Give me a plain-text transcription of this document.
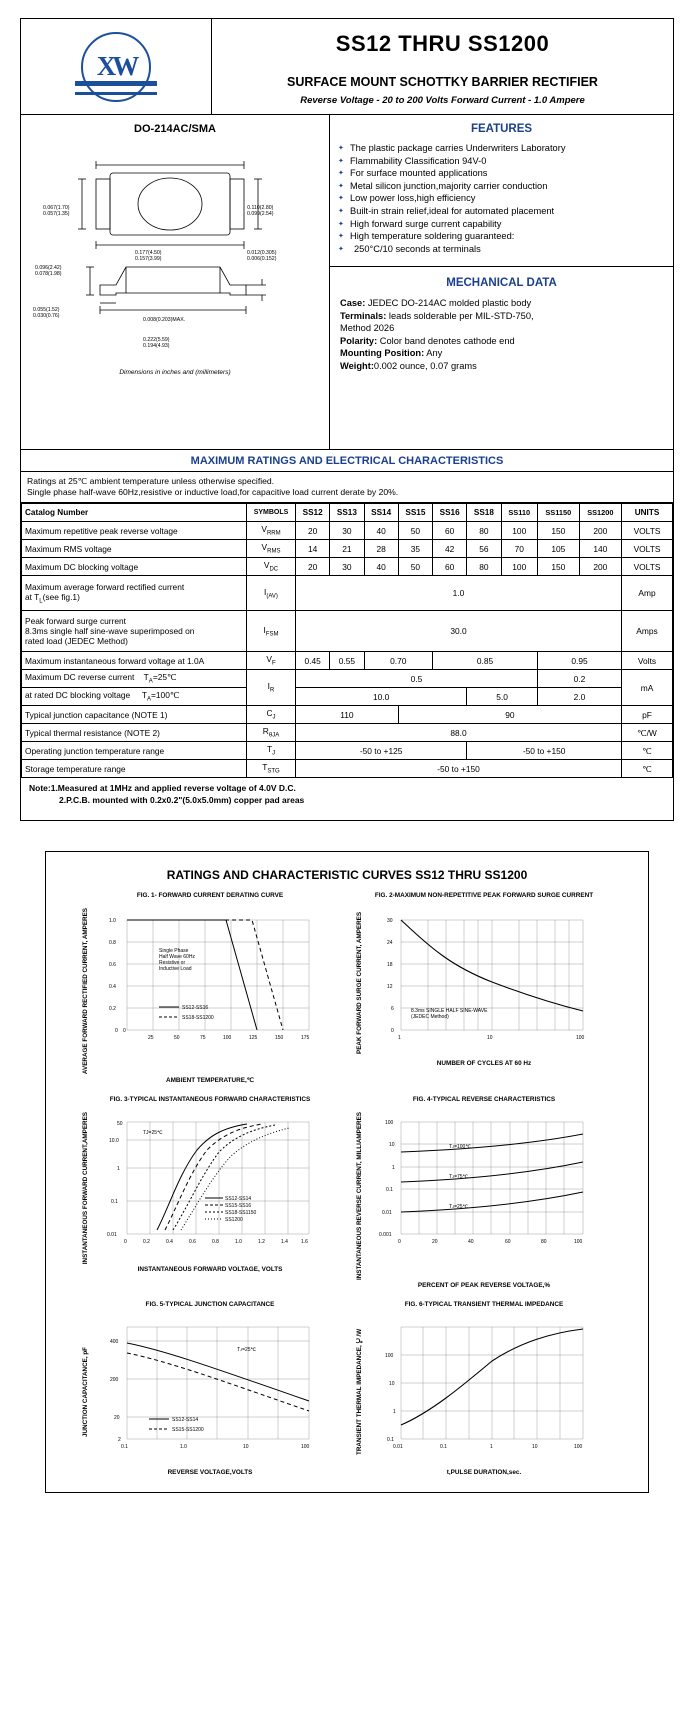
XW
SS12 THRU SS1200
SURFACE MOUNT SCHOTTKY BARRIER RECTIFIER
Reverse Voltage - 20 to 200 Volts Forward Current - 1.0 Ampere
DO-214AC/SMA
0.067(1.70)
0.057(1.35)
0.110(2.80)
0.099(2.54)
0.177(4.50)
0.157(3.99)
0.012(0.305)
0.006(0.152)
0.096(2.42)
0.078(1.98)
0.055(1.52)
0.030(0.76)
0.008(0.203)MAX.
0.222(5.59)
0.194(4.93)
Dimensions in inches and (millimeters)
FEATURES
✦ The plastic package carries Underwriters Laboratory
✦ Flammability Classification 94V-0
✦ For surface mounted applications
✦ Metal silicon junction,majority carrier conduction
✦ Low power loss,high efficiency
✦ Built-in strain relief,ideal for automated placement
✦ High forward surge current capability
✦ High temperature soldering guaranteed:
✦ 250°C/10 seconds at terminals
MECHANICAL DATA

Case: JEDEC DO-214AC molded plastic body

Terminals: leads solderable per MIL-STD-750,

Method 2026

Polarity: Color band denotes cathode end

Mounting Position: Any

Weight:0.002 ounce, 0.07 grams

MAXIMUM RATINGS AND ELECTRICAL CHARACTERISTICS
Ratings at 25℃ ambient temperature unless otherwise specified.
Single phase half-wave 60Hz,resistive or inductive load,for capacitive load current derate by 20%.
Catalog Number	SYMBOLS	SS12	SS13	SS14	SS15	SS16	SS18	SS110	SS1150	SS1200	UNITS
Maximum repetitive peak reverse voltage	$V_{RRM}$	20	30	40	50	60	80	100	150	200	VOLTS
Maximum RMS voltage	$V_{RMS}$	14	21	28	35	42	56	70	105	140	VOLTS
Maximum DC blocking voltage	$V_{DC}$	20	30	40	50	60	80	100	150	200	VOLTS

Maximum average forward rectified current
at $T_L(see$ fig.1)	$I_{(AV)}$	1.0									Amp

Peak forward surge current
8.3ms single half sine-wave superimposed on
rated load (JEDEC Method)	$I_{FSM}$	30.0									Amps
Maximum instantaneous forward voltage at 1.0A	$V_F$	0.45	0.55	0.70		0.85			0.95		Volts
Maximum DC reverse current    $T_A=25℃$	$I_R$	0.5							0.2		mA
at rated DC blocking voltage     $T_A=100℃$		10.0					5.0		2.0		
Typical junction capacitance (NOTE 1)	$C_J$	110			90						pF
Typical thermal resistance (NOTE 2)	$R_{\theta JA}$	88.0									℃/W
Operating junction temperature range	$T_J$	-50 to +125					-50 to +150				℃
Storage temperature range	$T_{STG}$	-50 to +150									℃
Note:1.Measured at 1MHz and applied reverse voltage of 4.0V D.C.
2.P.C.B. mounted with 0.2x0.2"(5.0x5.0mm) copper pad areas
RATINGS AND CHARACTERISTIC CURVES SS12 THRU SS1200
FIG. 1- FORWARD CURRENT DERATING CURVE
AVERAGE FORWARD RECTIFIED CURRENT, AMPERES	0
25	50	75	100	125	150	175
0
0.2
0.4
0.6
0.8
1.0
Single Phase
Half Wave 60Hz
Resistive or
Inductive Load
SS12-SS16
SS18-SS1200
AMBIENT TEMPERATURE,℃
FIG. 2-MAXIMUM NON-REPETITIVE PEAK FORWARD SURGE CURRENT
PEAK FORWARD SURGE CURRENT, AMPERES	1	10	100
0
6
12
18
24
30
8.3ms SINGLE HALF SINE-WAVE
(JEDEC Method)
NUMBER OF CYCLES AT 60 Hz
FIG. 3-TYPICAL INSTANTANEOUS FORWARD CHARACTERISTICS
INSTANTANEOUS FORWARD CURRENT,AMPERES	0	0.2	0.4	0.6	0.8	1.0	1.2	1.4	1.6
0.01
0.1
1
10.0
50
TJ=25℃
SS12-SS14
SS15-SS16
SS18-SS1150
SS1200
INSTANTANEOUS FORWARD VOLTAGE, VOLTS
FIG. 4-TYPICAL REVERSE CHARACTERISTICS
INSTANTANEOUS REVERSE CURRENT, MILLIAMPERES	0	20	40	60	80	100
0.001
0.01
0.1
1
10
100
TJ=100℃
TJ=75℃
TJ=25℃
PERCENT OF PEAK REVERSE VOLTAGE,%
FIG. 5-TYPICAL JUNCTION CAPACITANCE
JUNCTION CAPACITANCE, pF
0.1	1.0	10	100
2
20
200
400
TJ=25℃
SS12-SS14
SS15-SS1200
REVERSE VOLTAGE,VOLTS
FIG. 6-TYPICAL TRANSIENT THERMAL IMPEDANCE
TRANSIENT THERMAL IMPEDANCE, ℃/W	0.01	0.1	1	10	100
0.1
1
10
100
t,PULSE DURATION,sec.
